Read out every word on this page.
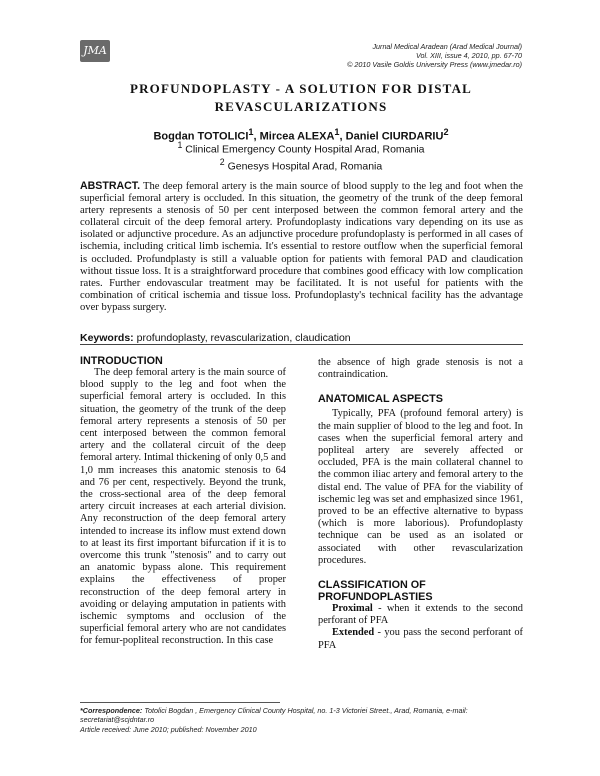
JMA	Jurnal Medical Aradean (Arad Medical Journal)
Vol. XIII, issue 4, 2010, pp. 67-70
© 2010 Vasile Goldis University Press (www.jmedar.ro)
PROFUNDOPLASTY - A SOLUTION FOR DISTAL
REVASCULARIZATIONS
Bogdan TOTOLICI$^1$, Mircea ALEXA$^1$, Daniel CIURDARIU$^2$
$^1$ Clinical Emergency County Hospital Arad, Romania
$^2$ Genesys Hospital Arad, Romania
ABSTRACT. The deep femoral artery is the main source of blood supply to the leg and foot when the superficial femoral artery is occluded. In this situation, the geometry of the trunk of the deep femoral artery represents a stenosis of 50 per cent interposed between the common femoral artery and the collateral circuit of the deep femoral artery. Profundoplasty indications vary depending on its use as isolated or adjunctive procedure. As an adjunctive procedure profundoplasty is performed in all cases of ischemia, including critical limb ischemia. It's essential to restore outflow when the superficial femoral is occluded. Profundplasty is still a valuable option for patients with femoral PAD and claudication without tissue loss. It is a straightforward procedure that combines good efficacy with low complication rates. Further endovascular treatment may be facilitated. It is not useful for patients with the combination of critical ischemia and tissue loss. Profundoplasty's technical facility has the advantage over bypass surgery.
Keywords: profundoplasty, revascularization, claudication
INTRODUCTION

The deep femoral artery is the main source of blood supply to the leg and foot when the superficial femoral artery is occluded. In this situation, the geometry of the trunk of the deep femoral artery represents a stenosis of 50 per cent interposed between the common femoral artery and the collateral circuit of the deep femoral artery. Intimal thickening of only 0,5 and 1,0 mm increases this anatomic stenosis to 64 and 76 per cent, respectively. Beyond the trunk, the cross-sectional area of the deep femoral artery circuit increases at each arterial division. Any reconstruction of the deep femoral artery intended to increase its inflow must extend down to at least its first important bifurcation if it is to overcome this trunk "stenosis" and to carry out an anatomic bypass alone. This requirement explains the effectiveness of proper reconstruction of the deep femoral artery in avoiding or delaying amputation in patients with ischemic symptoms and occlusion of the superficial femoral artery who are not candidates for femur-popliteal reconstruction. In this case

the absence of high grade stenosis is not a contraindication.

ANATOMICAL ASPECTS

Typically, PFA (profound femoral artery) is the main supplier of blood to the leg and foot. In cases when the superficial femoral artery and popliteal artery are severely affected or occluded, PFA is the main collateral channel to the common iliac artery and femoral artery to the distal end. The value of PFA for the viability of ischemic leg was set and emphasized since 1961, proved to be an effective alternative to bypass (which is more laborious). Profundoplasty technique can be used as an isolated or associated with other revascularization procedures.

CLASSIFICATION OF
PROFUNDOPLASTIES

Proximal - when it extends to the second perforant of PFA

Extended - you pass the second perforant of PFA

*Correspondence: Totolici Bogdan , Emergency Clinical County Hospital, no. 1-3 Victoriei Street., Arad, Romania, e-mail: secretariat@scjdntar.ro
Article received: June 2010; published: November 2010
